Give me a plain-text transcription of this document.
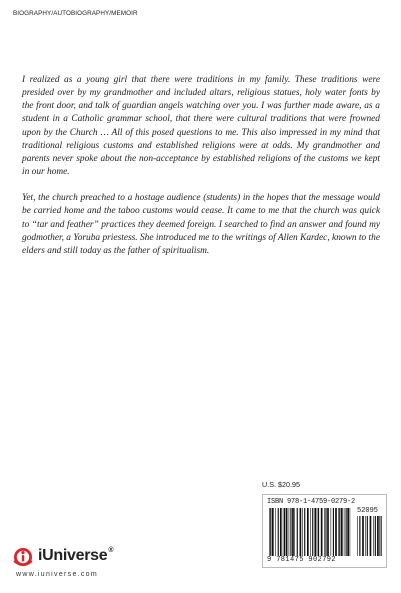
BIOGRAPHY/AUTOBIOGRAPHY/MEMOIR

I realized as a young girl that there were traditions in my family. These traditions were presided over by my grandmother and included altars, religious statues, holy water fonts by the front door, and talk of guardian angels watching over you. I was further made aware, as a student in a Catholic grammar school, that there were cultural traditions that were frowned upon by the Church … All of this posed questions to me. This also impressed in my mind that traditional religious customs and established religions were at odds. My grandmother and parents never spoke about the non-acceptance by established religions of the customs we kept in our home.

Yet, the church preached to a hostage audience (students) in the hopes that the message would be carried home and the taboo customs would cease. It came to me that the church was quick to “tar and feather” practices they deemed foreign. I searched to find an answer and found my godmother, a Yoruba priestess. She introduced me to the writings of Allen Kardec, known to the elders and still today as the father of spiritualism.

U.S. $20.95
ISBN 978-1-4759-0279-2
52095
9 781475 902792
iUniverse®
www.iuniverse.com
